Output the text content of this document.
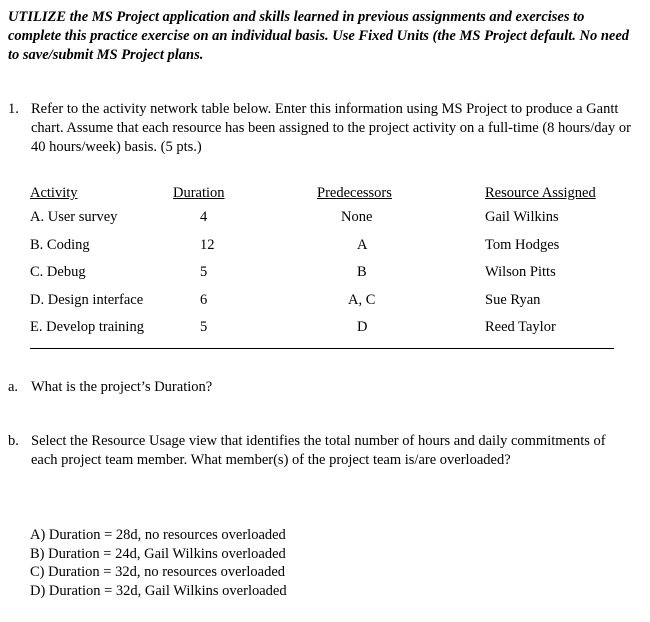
UTILIZE the MS Project application and skills learned in previous assignments and exercises to complete this practice exercise on an individual basis. Use Fixed Units (the MS Project default. No need to save/submit MS Project plans.
1. Refer to the activity network table below. Enter this information using MS Project to produce a Gantt chart. Assume that each resource has been assigned to the project activity on a full-time (8 hours/day or 40 hours/week) basis. (5 pts.)
Activity	Duration	Predecessors	Resource Assigned
A. User survey	4	None	Gail Wilkins
B. Coding	12	A	Tom Hodges
C. Debug	5	B	Wilson Pitts
D. Design interface	6	A, C	Sue Ryan
E. Develop training	5	D	Reed Taylor
a. What is the project’s Duration?
b. Select the Resource Usage view that identifies the total number of hours and daily commitments of each project team member. What member(s) of the project team is/are overloaded?
A) Duration = 28d, no resources overloaded
B) Duration = 24d, Gail Wilkins overloaded
C) Duration = 32d, no resources overloaded
D) Duration = 32d, Gail Wilkins overloaded
